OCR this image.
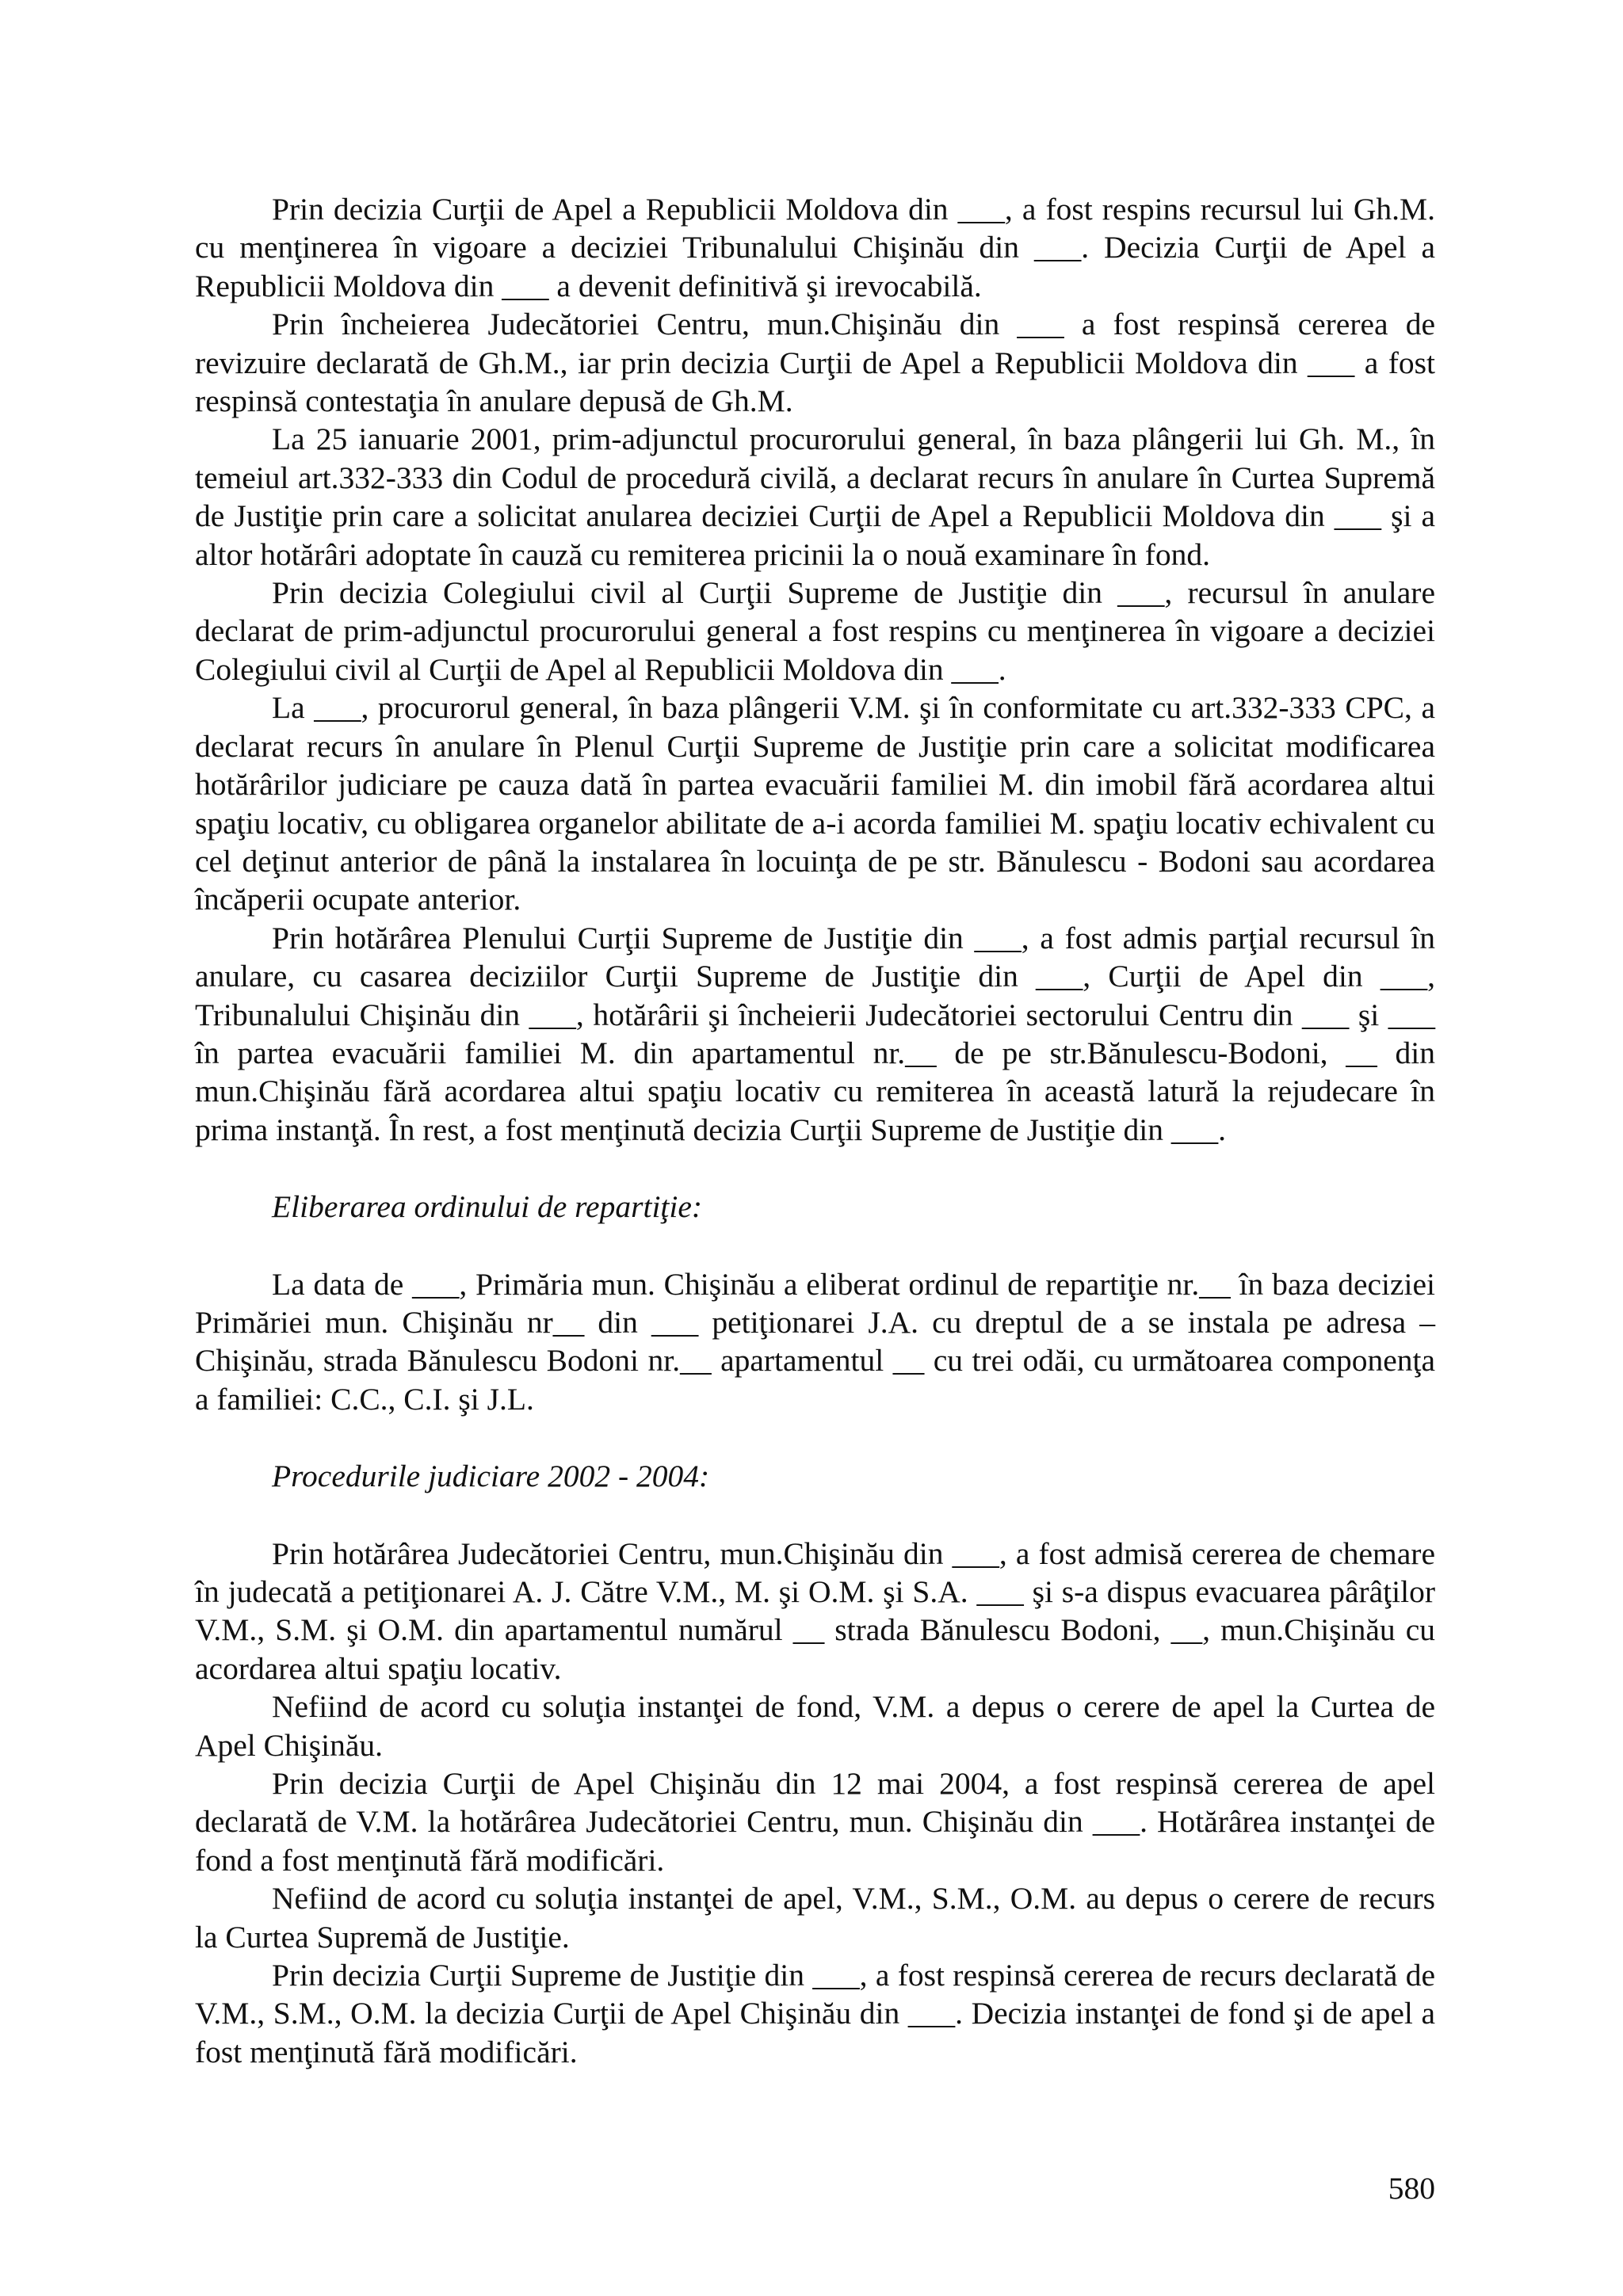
Prin decizia Curţii de Apel a Republicii Moldova din ___, a fost respins recursul lui Gh.M. cu menţinerea în vigoare a deciziei Tribunalului Chişinău din ___. Decizia Curţii de Apel a Republicii Moldova din ___ a devenit definitivă şi irevocabilă.

Prin încheierea Judecătoriei Centru, mun.Chişinău din ___ a fost respinsă cererea de revizuire declarată de Gh.M., iar prin decizia Curţii de Apel a Republicii Moldova din ___ a fost respinsă contestaţia în anulare depusă de Gh.M.

La 25 ianuarie 2001, prim-adjunctul procurorului general, în baza plângerii lui Gh. M., în temeiul art.332-333 din Codul de procedură civilă, a declarat recurs în anulare în Curtea Supremă de Justiţie prin care a solicitat anularea deciziei Curţii de Apel a Republicii Moldova din ___ şi a altor hotărâri adoptate în cauză cu remiterea pricinii la o nouă examinare în fond.

Prin decizia Colegiului civil al Curţii Supreme de Justiţie din ___, recursul în anulare declarat de prim-adjunctul procurorului general a fost respins cu menţinerea în vigoare a deciziei Colegiului civil al Curţii de Apel al Republicii Moldova din ___.

La ___, procurorul general, în baza plângerii V.M. şi în conformitate cu art.332-333 CPC, a declarat recurs în anulare în Plenul Curţii Supreme de Justiţie prin care a solicitat modificarea hotărârilor judiciare pe cauza dată în partea evacuării familiei M. din imobil fără acordarea altui spaţiu locativ, cu obligarea organelor abilitate de a-i acorda familiei M. spaţiu locativ echivalent cu cel deţinut anterior de până la instalarea în locuinţa de pe str. Bănulescu - Bodoni sau acordarea încăperii ocupate anterior.

Prin hotărârea Plenului Curţii Supreme de Justiţie din ___, a fost admis parţial recursul în anulare, cu casarea deciziilor Curţii Supreme de Justiţie din ___, Curţii de Apel din ___, Tribunalului Chişinău din ___, hotărârii şi încheierii Judecătoriei sectorului Centru din ___ şi ___ în partea evacuării familiei M. din apartamentul nr.__ de pe str.Bănulescu-Bodoni, __ din mun.Chişinău fără acordarea altui spaţiu locativ cu remiterea în această latură la rejudecare în prima instanţă. În rest, a fost menţinută decizia Curţii Supreme de Justiţie din ___.

Eliberarea ordinului de repartiţie:

La data de ___, Primăria mun. Chişinău a eliberat ordinul de repartiţie nr.__ în baza deciziei Primăriei mun. Chişinău nr__ din ___ petiţionarei J.A. cu dreptul de a se instala pe adresa – Chişinău, strada Bănulescu Bodoni nr.__ apartamentul __ cu trei odăi, cu următoarea componenţa a familiei: C.C., C.I. şi J.L.

Procedurile judiciare 2002 - 2004:

Prin hotărârea Judecătoriei Centru, mun.Chişinău din ___, a fost admisă cererea de chemare în judecată a petiţionarei A. J. Către V.M., M. şi O.M. şi S.A. ___ şi s-a dispus evacuarea pârâţilor V.M., S.M. şi O.M. din apartamentul numărul __ strada Bănulescu Bodoni, __, mun.Chişinău cu acordarea altui spaţiu locativ.

Nefiind de acord cu soluţia instanţei de fond, V.M. a depus o cerere de apel la Curtea de Apel Chişinău.

Prin decizia Curţii de Apel Chişinău din 12 mai 2004, a fost respinsă cererea de apel declarată de V.M. la hotărârea Judecătoriei Centru, mun. Chişinău din ___. Hotărârea instanţei de fond a fost menţinută fără modificări.

Nefiind de acord cu soluţia instanţei de apel, V.M., S.M., O.M. au depus o cerere de recurs la Curtea Supremă de Justiţie.

Prin decizia Curţii Supreme de Justiţie din ___, a fost respinsă cererea de recurs declarată de V.M., S.M., O.M. la decizia Curţii de Apel Chişinău din ___. Decizia instanţei de fond şi de apel a fost menţinută fără modificări.

580
